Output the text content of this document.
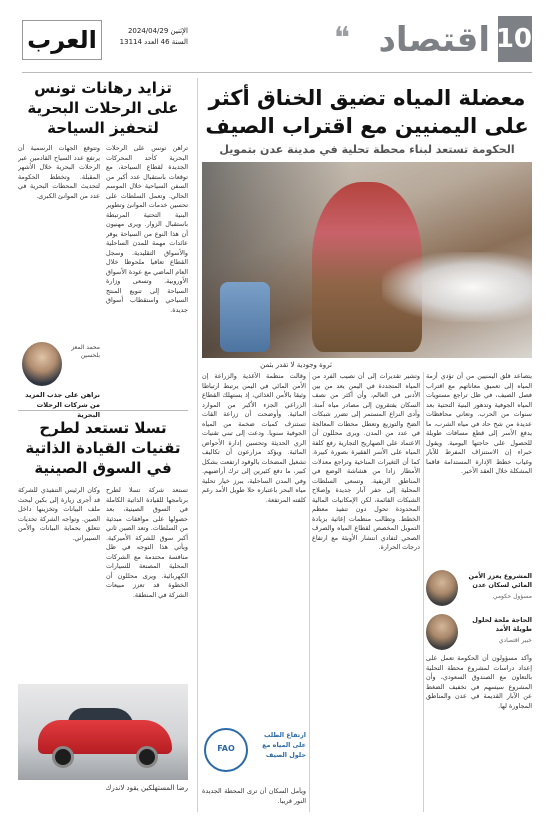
10
اقتصاد
❝
العرب	الإثنين 2024/04/29
السنة 46 العدد 13114
معضلة المياه تضيق الخناق أكثر على اليمنيين مع اقتراب الصيف
الحكومة تستعد لبناء محطة تحلية في مدينة عدن بتمويل
ثروة وجودية لا تقدر بثمن

يتصاعد قلق اليمنيين من أن تؤدي أزمة المياه إلى تعميق معاناتهم مع اقتراب فصل الصيف، في ظل تراجع مستويات المياه الجوفية وتدهور البنية التحتية بعد سنوات من الحرب. وتعاني محافظات عديدة من شح حاد في مياه الشرب، ما يدفع الأسر إلى قطع مسافات طويلة للحصول على حاجتها اليومية. ويقول خبراء إن الاستنزاف المفرط للآبار وغياب خطط الإدارة المستدامة فاقما المشكلة خلال العقد الأخير.

المشروع يعزز الأمن المائي لسكان عدن
مسؤول حكومي
الحاجة ملحة لحلول طويلة الأمد
خبير اقتصادي

وأكد مسؤولون أن الحكومة تعمل على إعداد دراسات لمشروع محطة التحلية بالتعاون مع الصندوق السعودي، وأن المشروع سيسهم في تخفيف الضغط عن الآبار القديمة في عدن والمناطق المجاورة لها.

وتشير تقديرات إلى أن نصيب الفرد من المياه المتجددة في اليمن يعد من بين الأدنى في العالم، وأن أكثر من نصف السكان يفتقرون إلى مصادر مياه آمنة. وأدى النزاع المستمر إلى تضرر شبكات الضخ والتوزيع وتعطل محطات المعالجة في عدد من المدن. ويرى محللون أن الاعتماد على الصهاريج التجارية رفع كلفة المياه على الأسر الفقيرة بصورة كبيرة. كما أن التغيرات المناخية وتراجع معدلات الأمطار زادا من هشاشة الوضع في المناطق الريفية. وتسعى السلطات المحلية إلى حفر آبار جديدة وإصلاح الشبكات القائمة، لكن الإمكانيات المالية المحدودة تحول دون تنفيذ معظم الخطط. وتطالب منظمات إغاثية بزيادة التمويل المخصص لقطاع المياه والصرف الصحي لتفادي انتشار الأوبئة مع ارتفاع درجات الحرارة.

وقالت منظمة الأغذية والزراعة إن الأمن المائي في اليمن يرتبط ارتباطا وثيقا بالأمن الغذائي، إذ يستهلك القطاع الزراعي الجزء الأكبر من الموارد المائية. وأوضحت أن زراعة القات تستنزف كميات ضخمة من المياه الجوفية سنويا. ودعت إلى تبني تقنيات الري الحديثة وتحسين إدارة الأحواض المائية. ويؤكد مزارعون أن تكاليف تشغيل المضخات بالوقود ارتفعت بشكل كبير، ما دفع كثيرين إلى ترك أراضيهم. وفي المدن الساحلية، يبرز خيار تحلية مياه البحر باعتباره حلا طويل الأمد رغم كلفته المرتفعة.

FAO
ارتفاع الطلب على المياه مع حلول الصيف

ويأمل السكان أن ترى المحطة الجديدة النور قريبا.

تزايد رهانات تونس على الرحلات البحرية لتحفيز السياحة

تراهن تونس على الرحلات البحرية كأحد المحركات الجديدة لقطاع السياحة، مع توقعات باستقبال عدد أكبر من السفن السياحية خلال الموسم الحالي. وتعمل السلطات على تحسين خدمات الموانئ وتطوير البنية التحتية المرتبطة باستقبال الزوار. ويرى مهنيون أن هذا النوع من السياحة يوفر عائدات مهمة للمدن الساحلية والأسواق التقليدية. وسجل القطاع تعافيا ملحوظا خلال العام الماضي مع عودة الأسواق الأوروبية. وتسعى وزارة السياحة إلى تنويع المنتج السياحي واستقطاب أسواق جديدة.

وتتوقع الجهات الرسمية أن يرتفع عدد السياح القادمين عبر الرحلات البحرية خلال الأشهر المقبلة. وتخطط الحكومة لتحديث المحطات البحرية في عدد من الموانئ الكبرى.

محمد المعز بلحسين
نراهن على جذب المزيد من شركات الرحلات البحرية
تسلا تستعد لطرح تقنيات القيادة الذاتية في السوق الصينية

تستعد شركة تسلا لطرح برنامجها للقيادة الذاتية الكاملة في السوق الصينية، بعد حصولها على موافقات مبدئية من السلطات. وتعد الصين ثاني أكبر سوق للشركة الأميركية. ويأتي هذا التوجه في ظل منافسة محتدمة مع الشركات المحلية المصنعة للسيارات الكهربائية. ويرى محللون أن الخطوة قد تعزز مبيعات الشركة في المنطقة.

وكان الرئيس التنفيذي للشركة قد أجرى زيارة إلى بكين لبحث ملف البيانات وتخزينها داخل الصين. وتواجه الشركة تحديات تتعلق بحماية البيانات والأمن السيبراني.

رضا المستهلكين يقود لاندرك
